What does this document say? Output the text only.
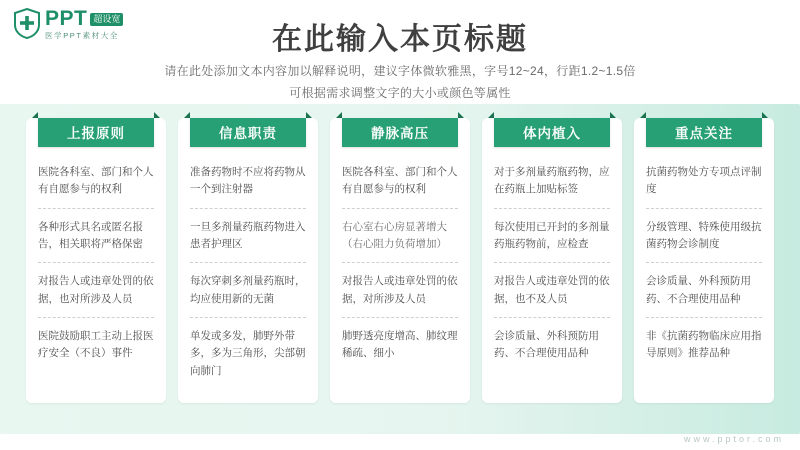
PPT 超设宽
医学PPT素材大全	在此输入本页标题
请在此处添加文本内容加以解释说明，建议字体微软雅黑，字号12~24，行距1.2~1.5倍
可根据需求调整文字的大小或颜色等属性
上报原则
医院各科室、部门和个人有自愿参与的权利
各种形式具名或匿名报告，相关职将严格保密
对报告人或违章处罚的依据，也对所涉及人员
医院鼓励职工主动上报医疗安全（不良）事件
信息职责
准备药物时不应将药物从一个到注射器
一旦多剂量药瓶药物进入患者护理区
每次穿刺多剂量药瓶时，均应使用新的无菌
单发或多发，肺野外带多，多为三角形，尖部朝向肺门
静脉高压
医院各科室、部门和个人有自愿参与的权利
右心室右心房显著增大（右心阻力负荷增加）
对报告人或违章处罚的依据，对所涉及人员
肺野透亮度增高、肺纹理稀疏、细小
体内植入
对于多剂量药瓶药物，应在药瓶上加贴标签
每次使用已开封的多剂量药瓶药物前，应检查
对报告人或违章处罚的依据，也不及人员
会诊质量、外科预防用药、不合理使用品种
重点关注
抗菌药物处方专项点评制度
分级管理、特殊使用级抗菌药物会诊制度
会诊质量、外科预防用药、不合理使用品种
非《抗菌药物临床应用指导原则》推荐品种
www.pptor.com
